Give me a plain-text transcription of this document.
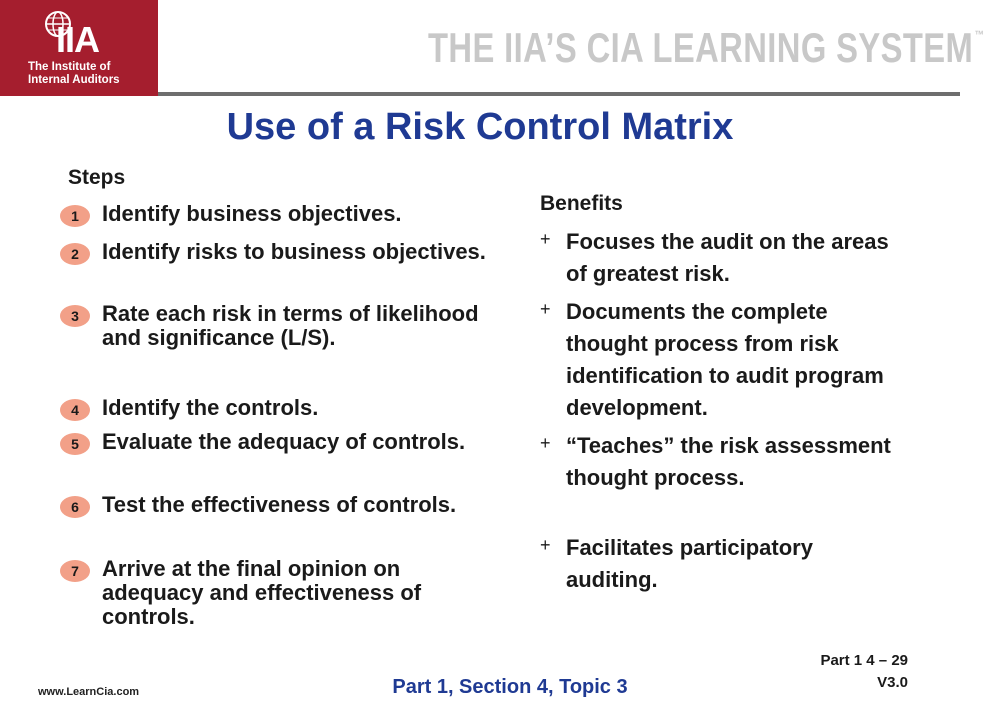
IIA
The Institute of
Internal Auditors
THE IIA’S CIA LEARNING SYSTEM ™
Use of a Risk Control Matrix
Steps
1	Identify business objectives.
2	Identify risks to business objectives.
3	Rate each risk in terms of likelihood and significance (L/S).
4	Identify the controls.
5	Evaluate the adequacy of controls.
6	Test the effectiveness of controls.
7	Arrive at the final opinion on adequacy and effectiveness of controls.
Benefits
+ Focuses the audit on the areas of greatest risk.
+ Documents the complete thought process from risk identification to audit program development.
+ “Teaches” the risk assessment thought process.
+ Facilitates participatory auditing.
www.LearnCia.com	Part 1, Section 4, Topic 3
Part 1 4 – 29
V3.0
